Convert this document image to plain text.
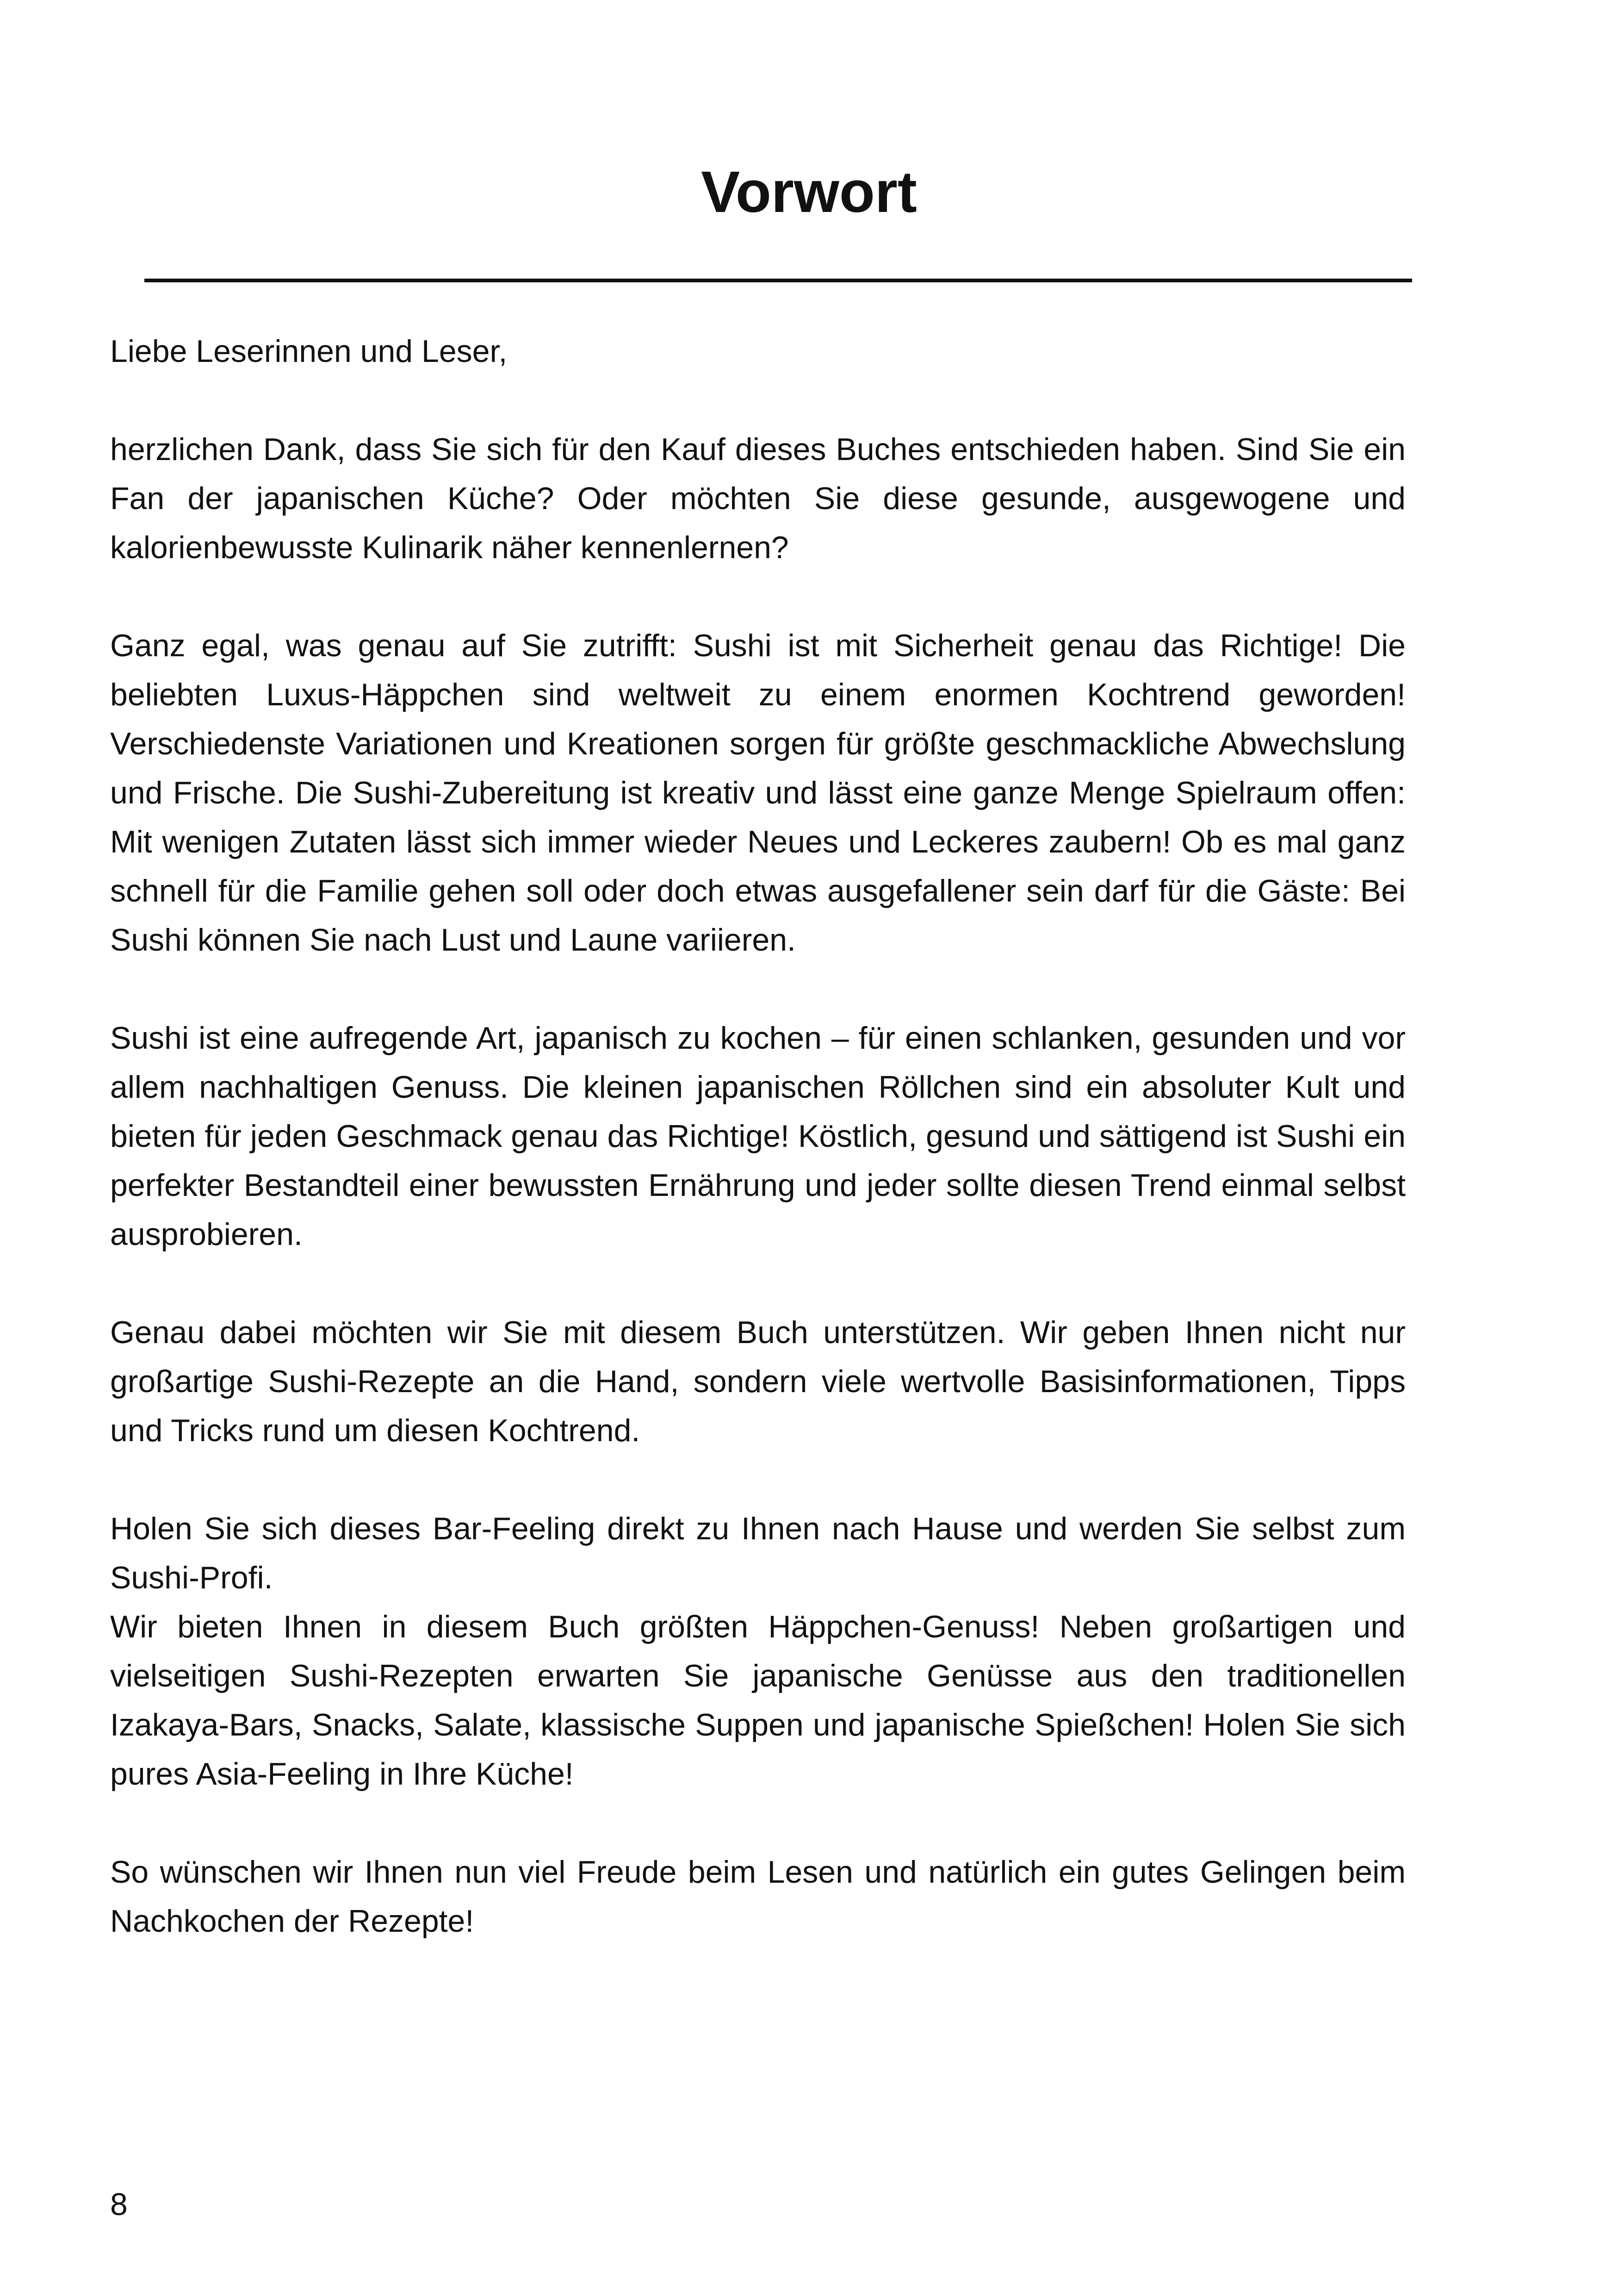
Vorwort

Liebe Leserinnen und Leser,

herzlichen Dank, dass Sie sich für den Kauf dieses Buches entschieden haben. Sind Sie ein Fan der japanischen Küche? Oder möchten Sie diese gesunde, ausgewogene und kalorienbewusste Kulinarik näher kennenlernen?

Ganz egal, was genau auf Sie zutrifft: Sushi ist mit Sicherheit genau das Richtige! Die beliebten Luxus-Häppchen sind weltweit zu einem enormen Kochtrend geworden! Verschiedenste Variationen und Kreationen sorgen für größte geschmackliche Abwechslung und Frische. Die Sushi-Zubereitung ist kreativ und lässt eine ganze Menge Spielraum offen: Mit wenigen Zutaten lässt sich immer wieder Neues und Leckeres zaubern! Ob es mal ganz schnell für die Familie gehen soll oder doch etwas ausgefallener sein darf für die Gäste: Bei Sushi können Sie nach Lust und Laune variieren.

Sushi ist eine aufregende Art, japanisch zu kochen – für einen schlanken, gesunden und vor allem nachhaltigen Genuss. Die kleinen japanischen Röllchen sind ein absoluter Kult und bieten für jeden Geschmack genau das Richtige! Köstlich, gesund und sättigend ist Sushi ein perfekter Bestandteil einer bewussten Ernährung und jeder sollte diesen Trend einmal selbst ausprobieren.

Genau dabei möchten wir Sie mit diesem Buch unterstützen. Wir geben Ihnen nicht nur großartige Sushi-Rezepte an die Hand, sondern viele wertvolle Basisinformationen, Tipps und Tricks rund um diesen Kochtrend.

Holen Sie sich dieses Bar-Feeling direkt zu Ihnen nach Hause und werden Sie selbst zum Sushi-Profi.

Wir bieten Ihnen in diesem Buch größten Häppchen-Genuss! Neben großartigen und vielseitigen Sushi-Rezepten erwarten Sie japanische Genüsse aus den traditionellen Izakaya-Bars, Snacks, Salate, klassische Suppen und japanische Spießchen! Holen Sie sich pures Asia-Feeling in Ihre Küche!

So wünschen wir Ihnen nun viel Freude beim Lesen und natürlich ein gutes Gelingen beim Nachkochen der Rezepte!

8
